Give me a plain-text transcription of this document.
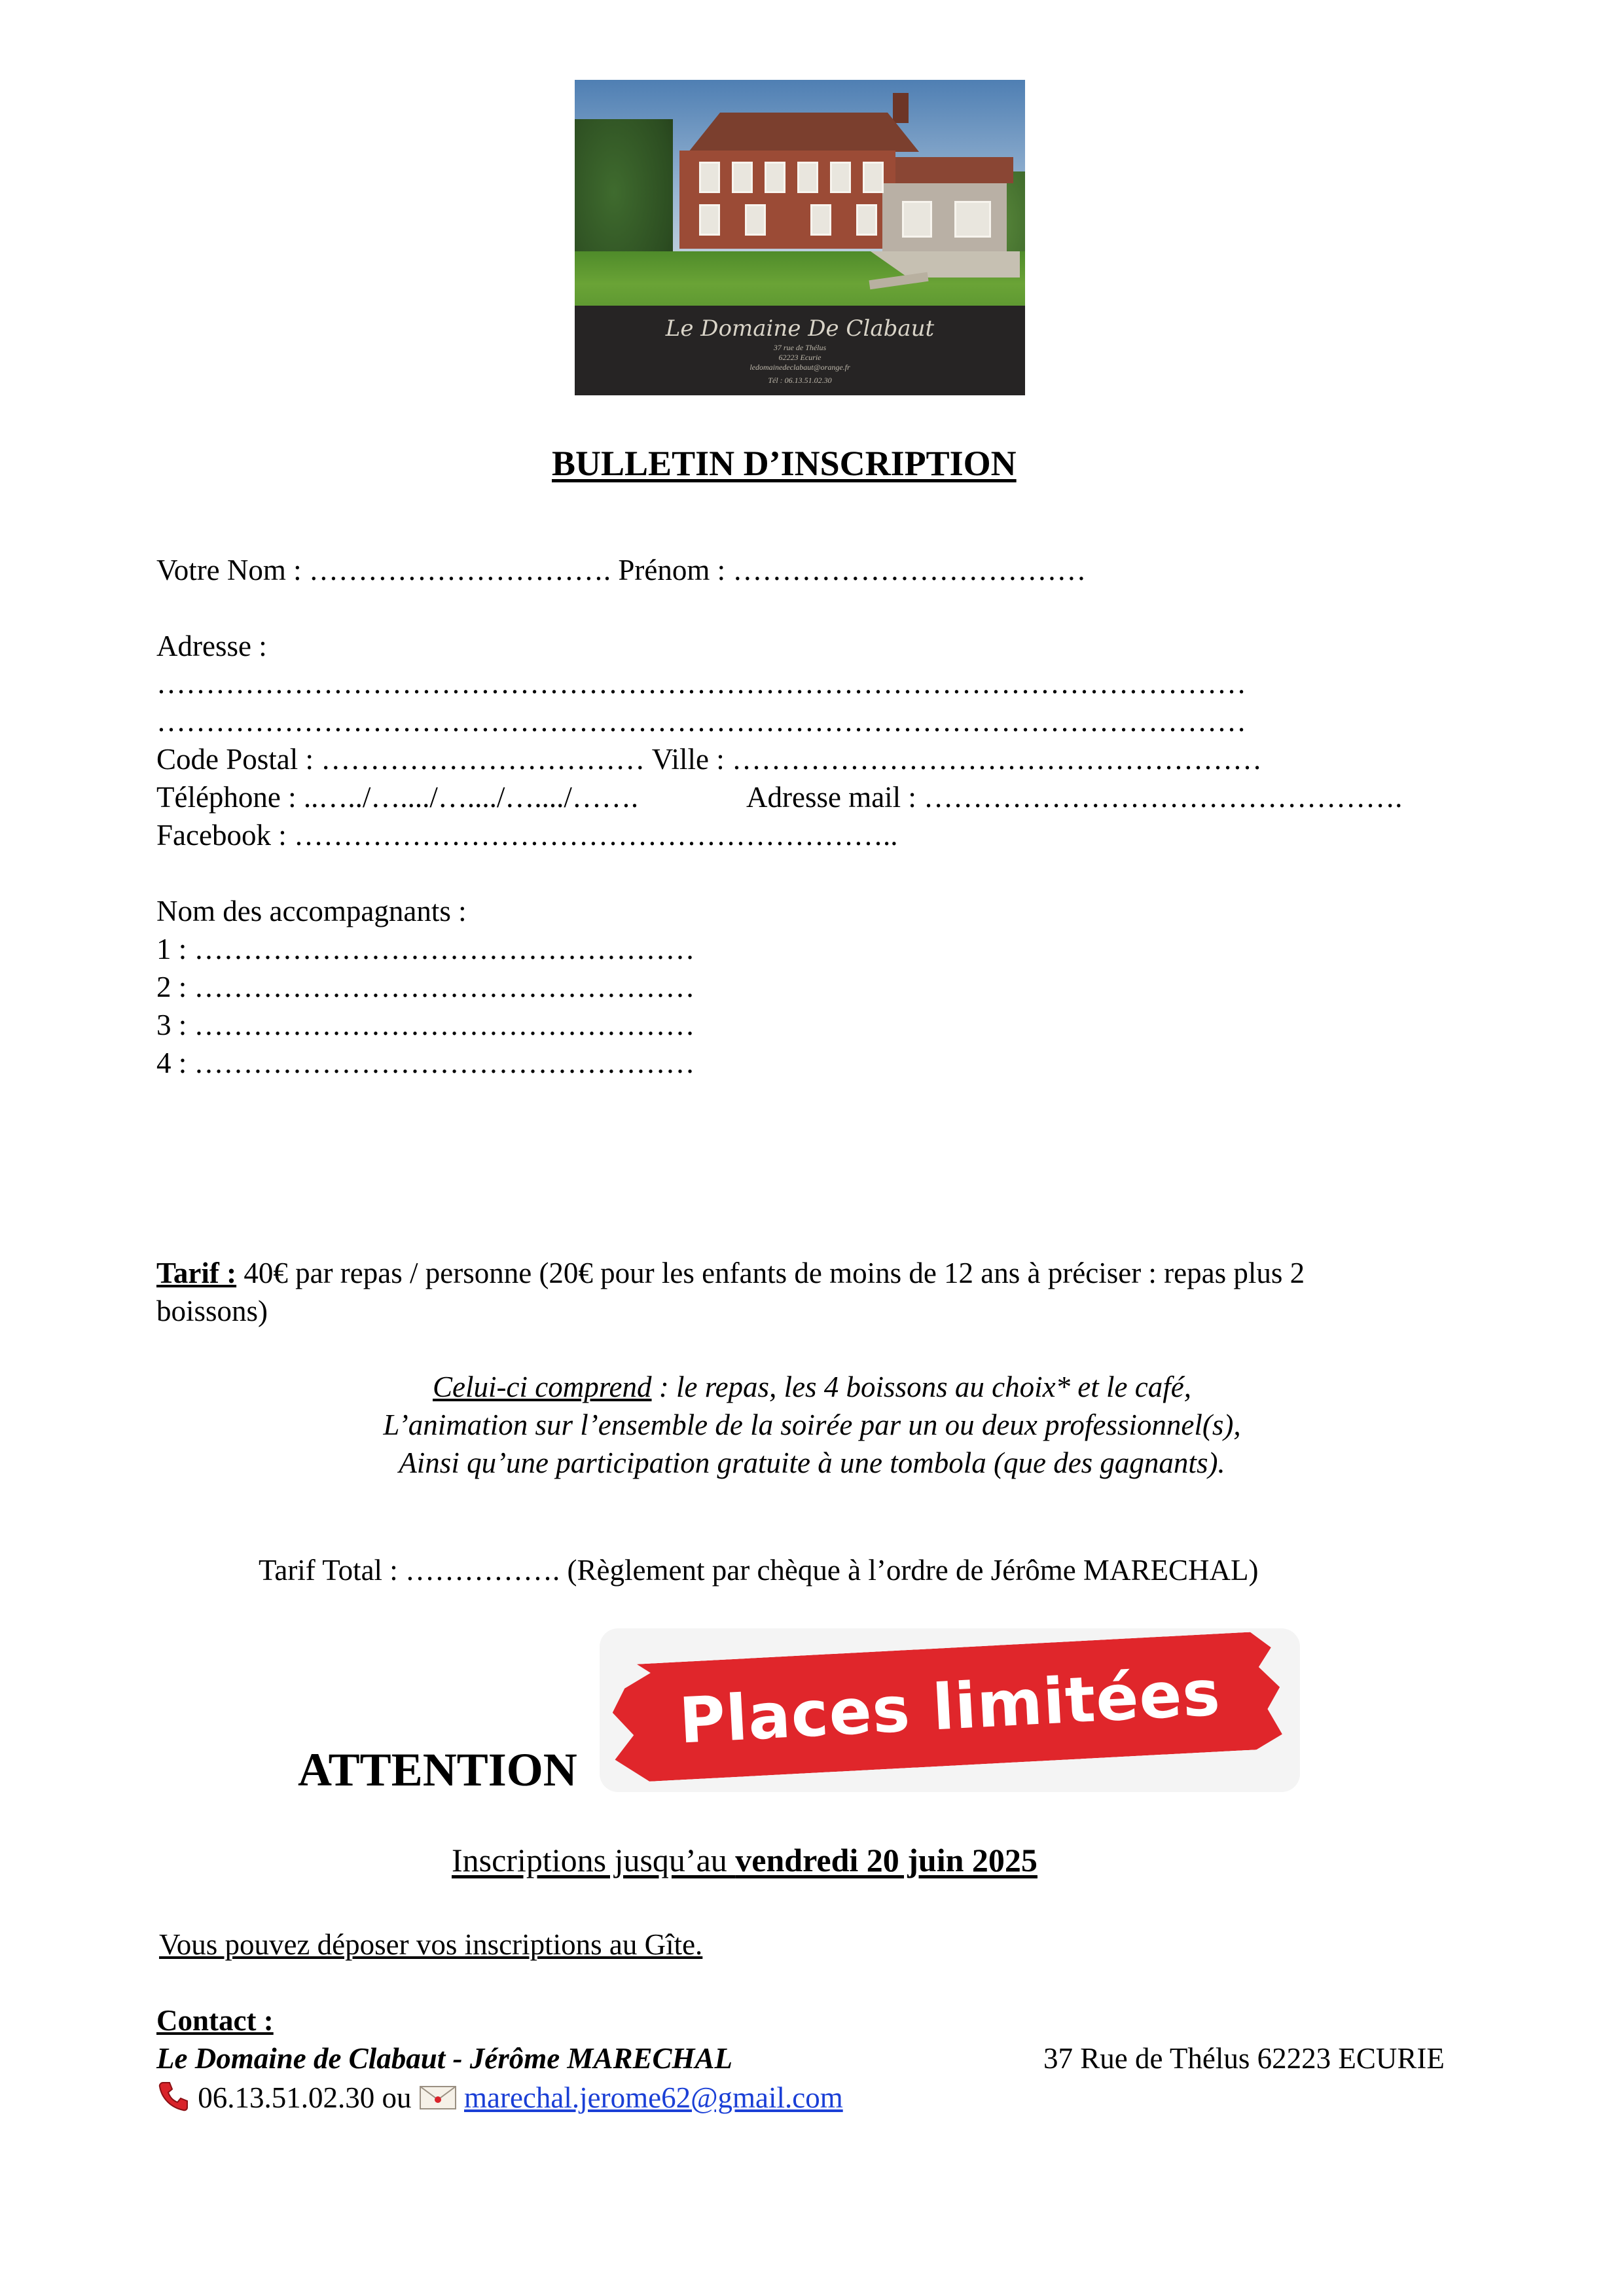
Le Domaine De Clabaut
37 rue de Thélus
62223 Ecurie
ledomainedeclabaut@orange.fr
Tél : 06.13.51.02.30
BULLETIN D’INSCRIPTION
Votre Nom : …………………………. Prénom : ………………………………
Adresse :
…………………………………………………………………………………………………
…………………………………………………………………………………………………
Code Postal : …………………………… Ville : ………………………………………………
Téléphone : ..…../…..../…..../…..../…….	Adresse mail : ………………………………………….
Facebook : ……………………………………………………..
Nom des accompagnants :
1 : ……………………………………………
2 : ……………………………………………
3 : ……………………………………………
4 : ……………………………………………
Tarif : 40€ par repas / personne (20€ pour les enfants de moins de 12 ans à préciser : repas plus 2
boissons)
Celui-ci comprend : le repas, les 4 boissons au choix* et le café,
L’animation sur l’ensemble de la soirée par un ou deux professionnel(s),
Ainsi qu’une participation gratuite à une tombola (que des gagnants).
Tarif Total : ……………. (Règlement par chèque à l’ordre de Jérôme MARECHAL)
Places limitées
ATTENTION
Inscriptions jusqu’au vendredi 20 juin 2025
Vous pouvez déposer vos inscriptions au Gîte.
Contact :
Le Domaine de Clabaut - Jérôme MARECHAL	37 Rue de Thélus 62223 ECURIE
06.13.51.02.30 ou  marechal.jerome62@gmail.com
